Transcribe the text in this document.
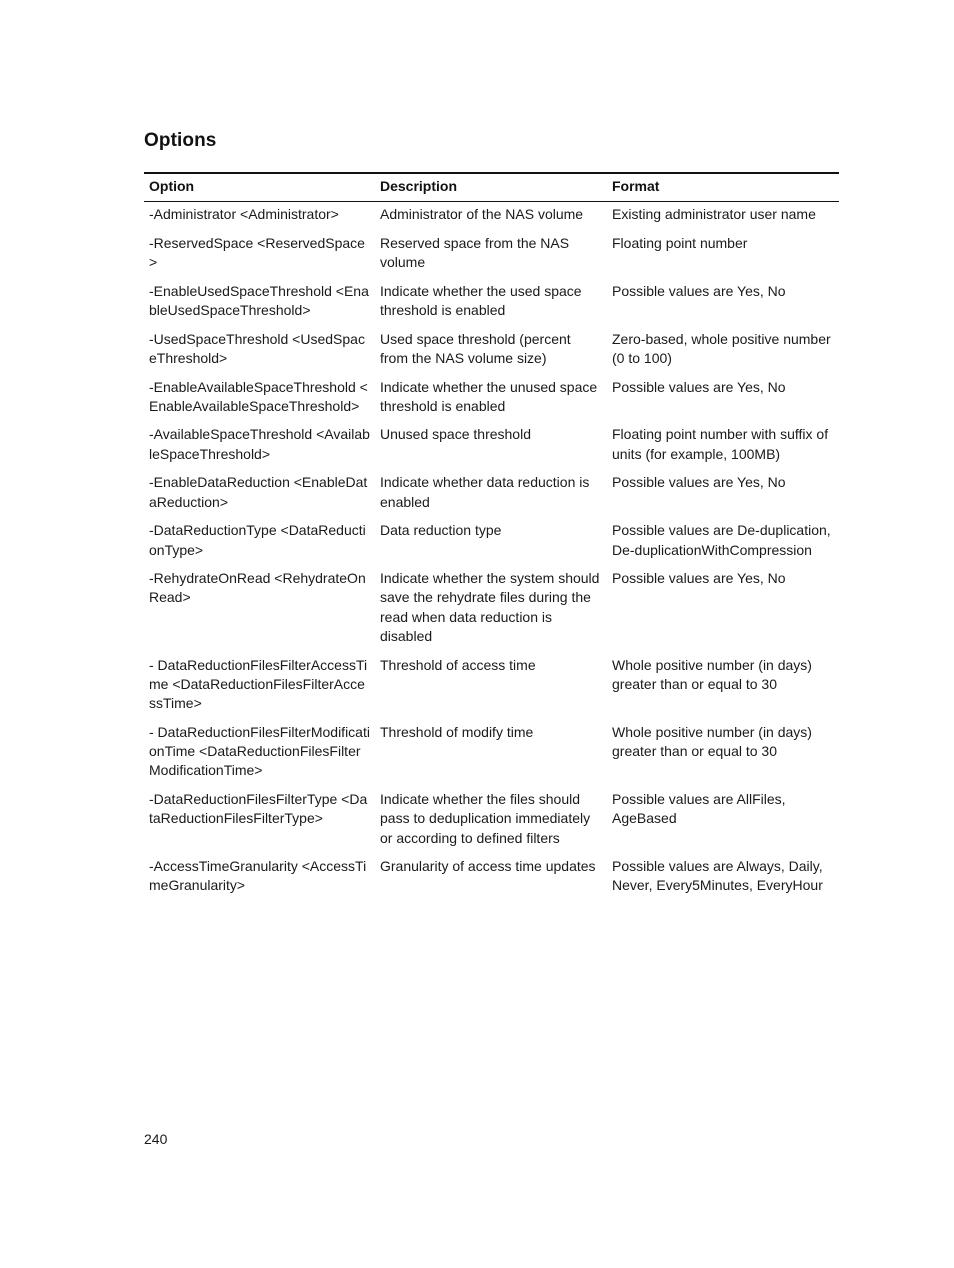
Options
Option	Description	Format
-Administrator <Administrator>	Administrator of the NAS volume	Existing administrator user name
-ReservedSpace <ReservedSpace>	Reserved space from the NAS volume	Floating point number
-EnableUsedSpaceThreshold <EnableUsedSpaceThreshold>	Indicate whether the used space threshold is enabled	Possible values are Yes, No
-UsedSpaceThreshold <UsedSpaceThreshold>	Used space threshold (percent from the NAS volume size)	Zero-based, whole positive number (0 to 100)
-EnableAvailableSpaceThreshold <EnableAvailableSpaceThreshold>	Indicate whether the unused space threshold is enabled	Possible values are Yes, No
-AvailableSpaceThreshold <AvailableSpaceThreshold>	Unused space threshold	Floating point number with suffix of units (for example, 100MB)
-EnableDataReduction <EnableDataReduction>	Indicate whether data reduction is enabled	Possible values are Yes, No
-DataReductionType <DataReductionType>	Data reduction type	Possible values are De-duplication, De-duplicationWithCompression
-RehydrateOnRead <RehydrateOnRead>	Indicate whether the system should save the rehydrate files during the read when data reduction is disabled	Possible values are Yes, No
- DataReductionFilesFilterAccessTime <DataReductionFilesFilterAccessTime>	Threshold of access time	Whole positive number (in days) greater than or equal to 30
- DataReductionFilesFilterModificationTime <DataReductionFilesFilterModificationTime>	Threshold of modify time	Whole positive number (in days) greater than or equal to 30
-DataReductionFilesFilterType <DataReductionFilesFilterType>	Indicate whether the files should pass to deduplication immediately or according to defined filters	Possible values are AllFiles, AgeBased
-AccessTimeGranularity <AccessTimeGranularity>	Granularity of access time updates	Possible values are Always, Daily, Never, Every5Minutes, EveryHour
240
